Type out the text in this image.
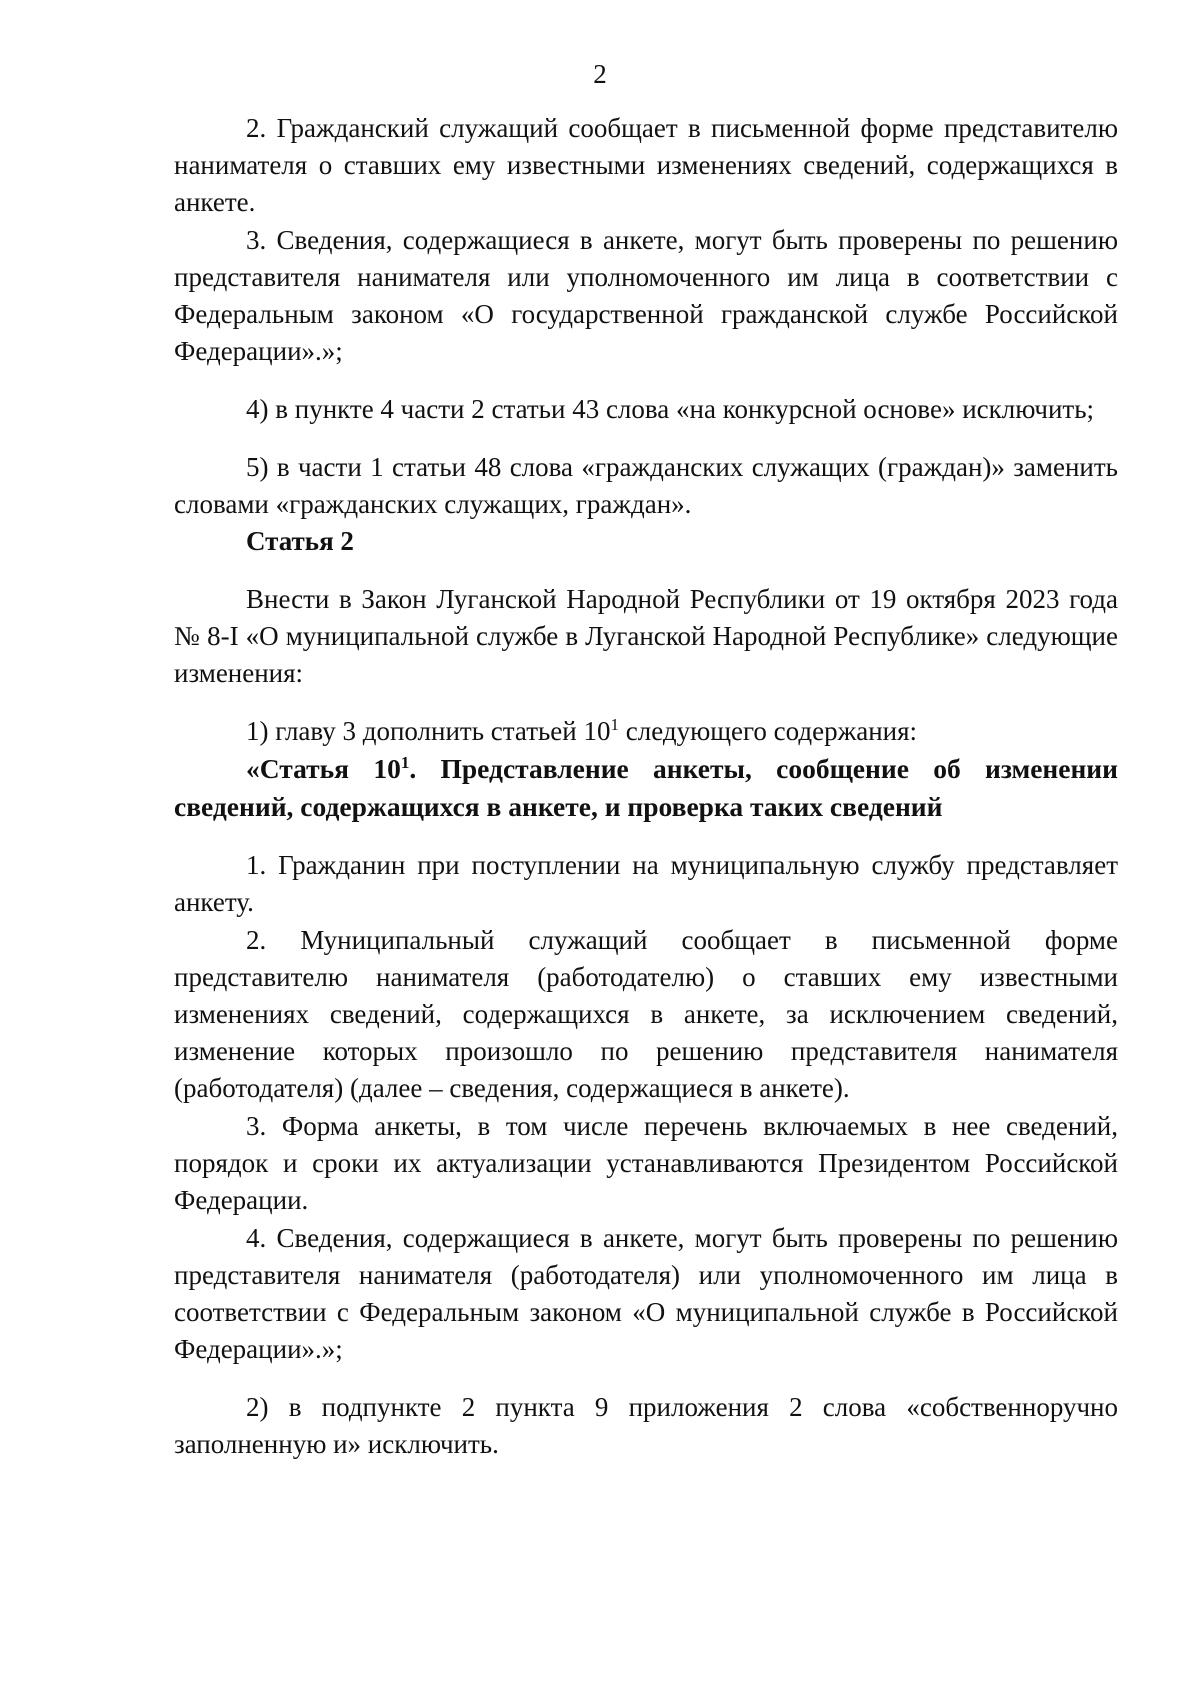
2

2. Гражданский служащий сообщает в письменной форме представителю нанимателя о ставших ему известными изменениях сведений, содержащихся в анкете.

3. Сведения, содержащиеся в анкете, могут быть проверены по решению представителя нанимателя или уполномоченного им лица в соответствии с Федеральным законом «О государственной гражданской службе Российской Федерации».»;

4) в пункте 4 части 2 статьи 43 слова «на конкурсной основе» исключить;

5) в части 1 статьи 48 слова «гражданских служащих (граждан)» заменить словами «гражданских служащих, граждан».

Статья 2

Внести в Закон Луганской Народной Республики от 19 октября 2023 года № 8-I «О муниципальной службе в Луганской Народной Республике» следующие изменения:

1) главу 3 дополнить статьей $10^1$ следующего содержания:

«Статья $10^1$. Представление анкеты, сообщение об изменении сведений, содержащихся в анкете, и проверка таких сведений

1. Гражданин при поступлении на муниципальную службу представляет анкету.

2. Муниципальный служащий сообщает в письменной форме представителю нанимателя (работодателю) о ставших ему известными изменениях сведений, содержащихся в анкете, за исключением сведений, изменение которых произошло по решению представителя нанимателя (работодателя) (далее – сведения, содержащиеся в анкете).

3. Форма анкеты, в том числе перечень включаемых в нее сведений, порядок и сроки их актуализации устанавливаются Президентом Российской Федерации.

4. Сведения, содержащиеся в анкете, могут быть проверены по решению представителя нанимателя (работодателя) или уполномоченного им лица в соответствии с Федеральным законом «О муниципальной службе в Российской Федерации».»;

2) в подпункте 2 пункта 9 приложения 2 слова «собственноручно заполненную и» исключить.
